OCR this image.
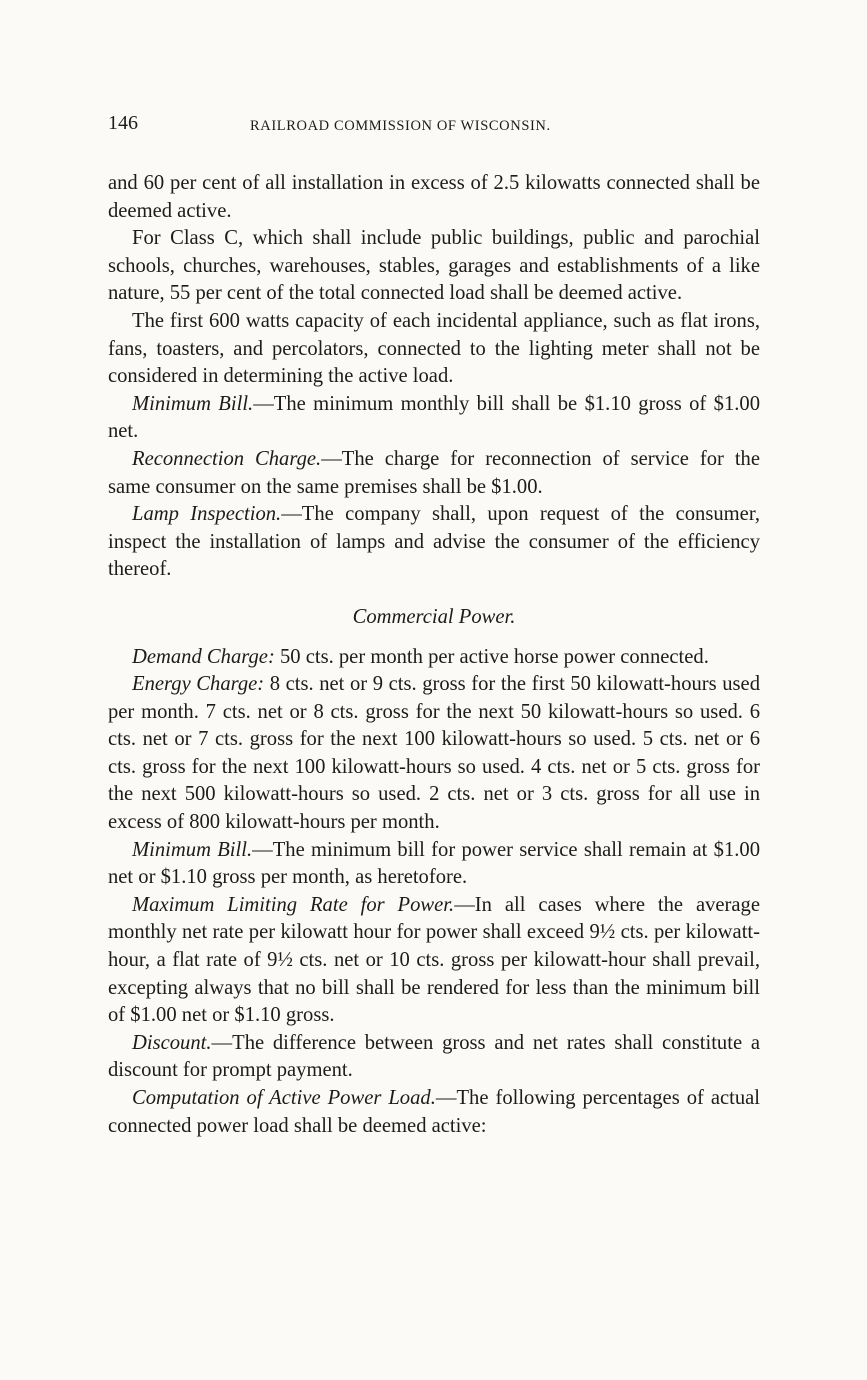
146	RAILROAD COMMISSION OF WISCONSIN.

and 60 per cent of all installation in excess of 2.5 kilowatts connected shall be deemed active.

For Class C, which shall include public buildings, public and parochial schools, churches, warehouses, stables, garages and establishments of a like nature, 55 per cent of the total connected load shall be deemed active.

The first 600 watts capacity of each incidental appliance, such as flat irons, fans, toasters, and percolators, connected to the lighting meter shall not be considered in determining the active load.

Minimum Bill.—The minimum monthly bill shall be $1.10 gross of $1.00 net.

Reconnection Charge.—The charge for reconnection of service for the same consumer on the same premises shall be $1.00.

Lamp Inspection.—The company shall, upon request of the consumer, inspect the installation of lamps and advise the consumer of the efficiency thereof.

Commercial Power.

Demand Charge: 50 cts. per month per active horse power connected.

Energy Charge: 8 cts. net or 9 cts. gross for the first 50 kilowatt-hours used per month. 7 cts. net or 8 cts. gross for the next 50 kilowatt-hours so used. 6 cts. net or 7 cts. gross for the next 100 kilowatt-hours so used. 5 cts. net or 6 cts. gross for the next 100 kilowatt-hours so used. 4 cts. net or 5 cts. gross for the next 500 kilowatt-hours so used. 2 cts. net or 3 cts. gross for all use in excess of 800 kilowatt-hours per month.

Minimum Bill.—The minimum bill for power service shall remain at $1.00 net or $1.10 gross per month, as heretofore.

Maximum Limiting Rate for Power.—In all cases where the average monthly net rate per kilowatt hour for power shall exceed 9½ cts. per kilowatt-hour, a flat rate of 9½ cts. net or 10 cts. gross per kilowatt-hour shall prevail, excepting always that no bill shall be rendered for less than the minimum bill of $1.00 net or $1.10 gross.

Discount.—The difference between gross and net rates shall constitute a discount for prompt payment.

Computation of Active Power Load.—The following percentages of actual connected power load shall be deemed active:
